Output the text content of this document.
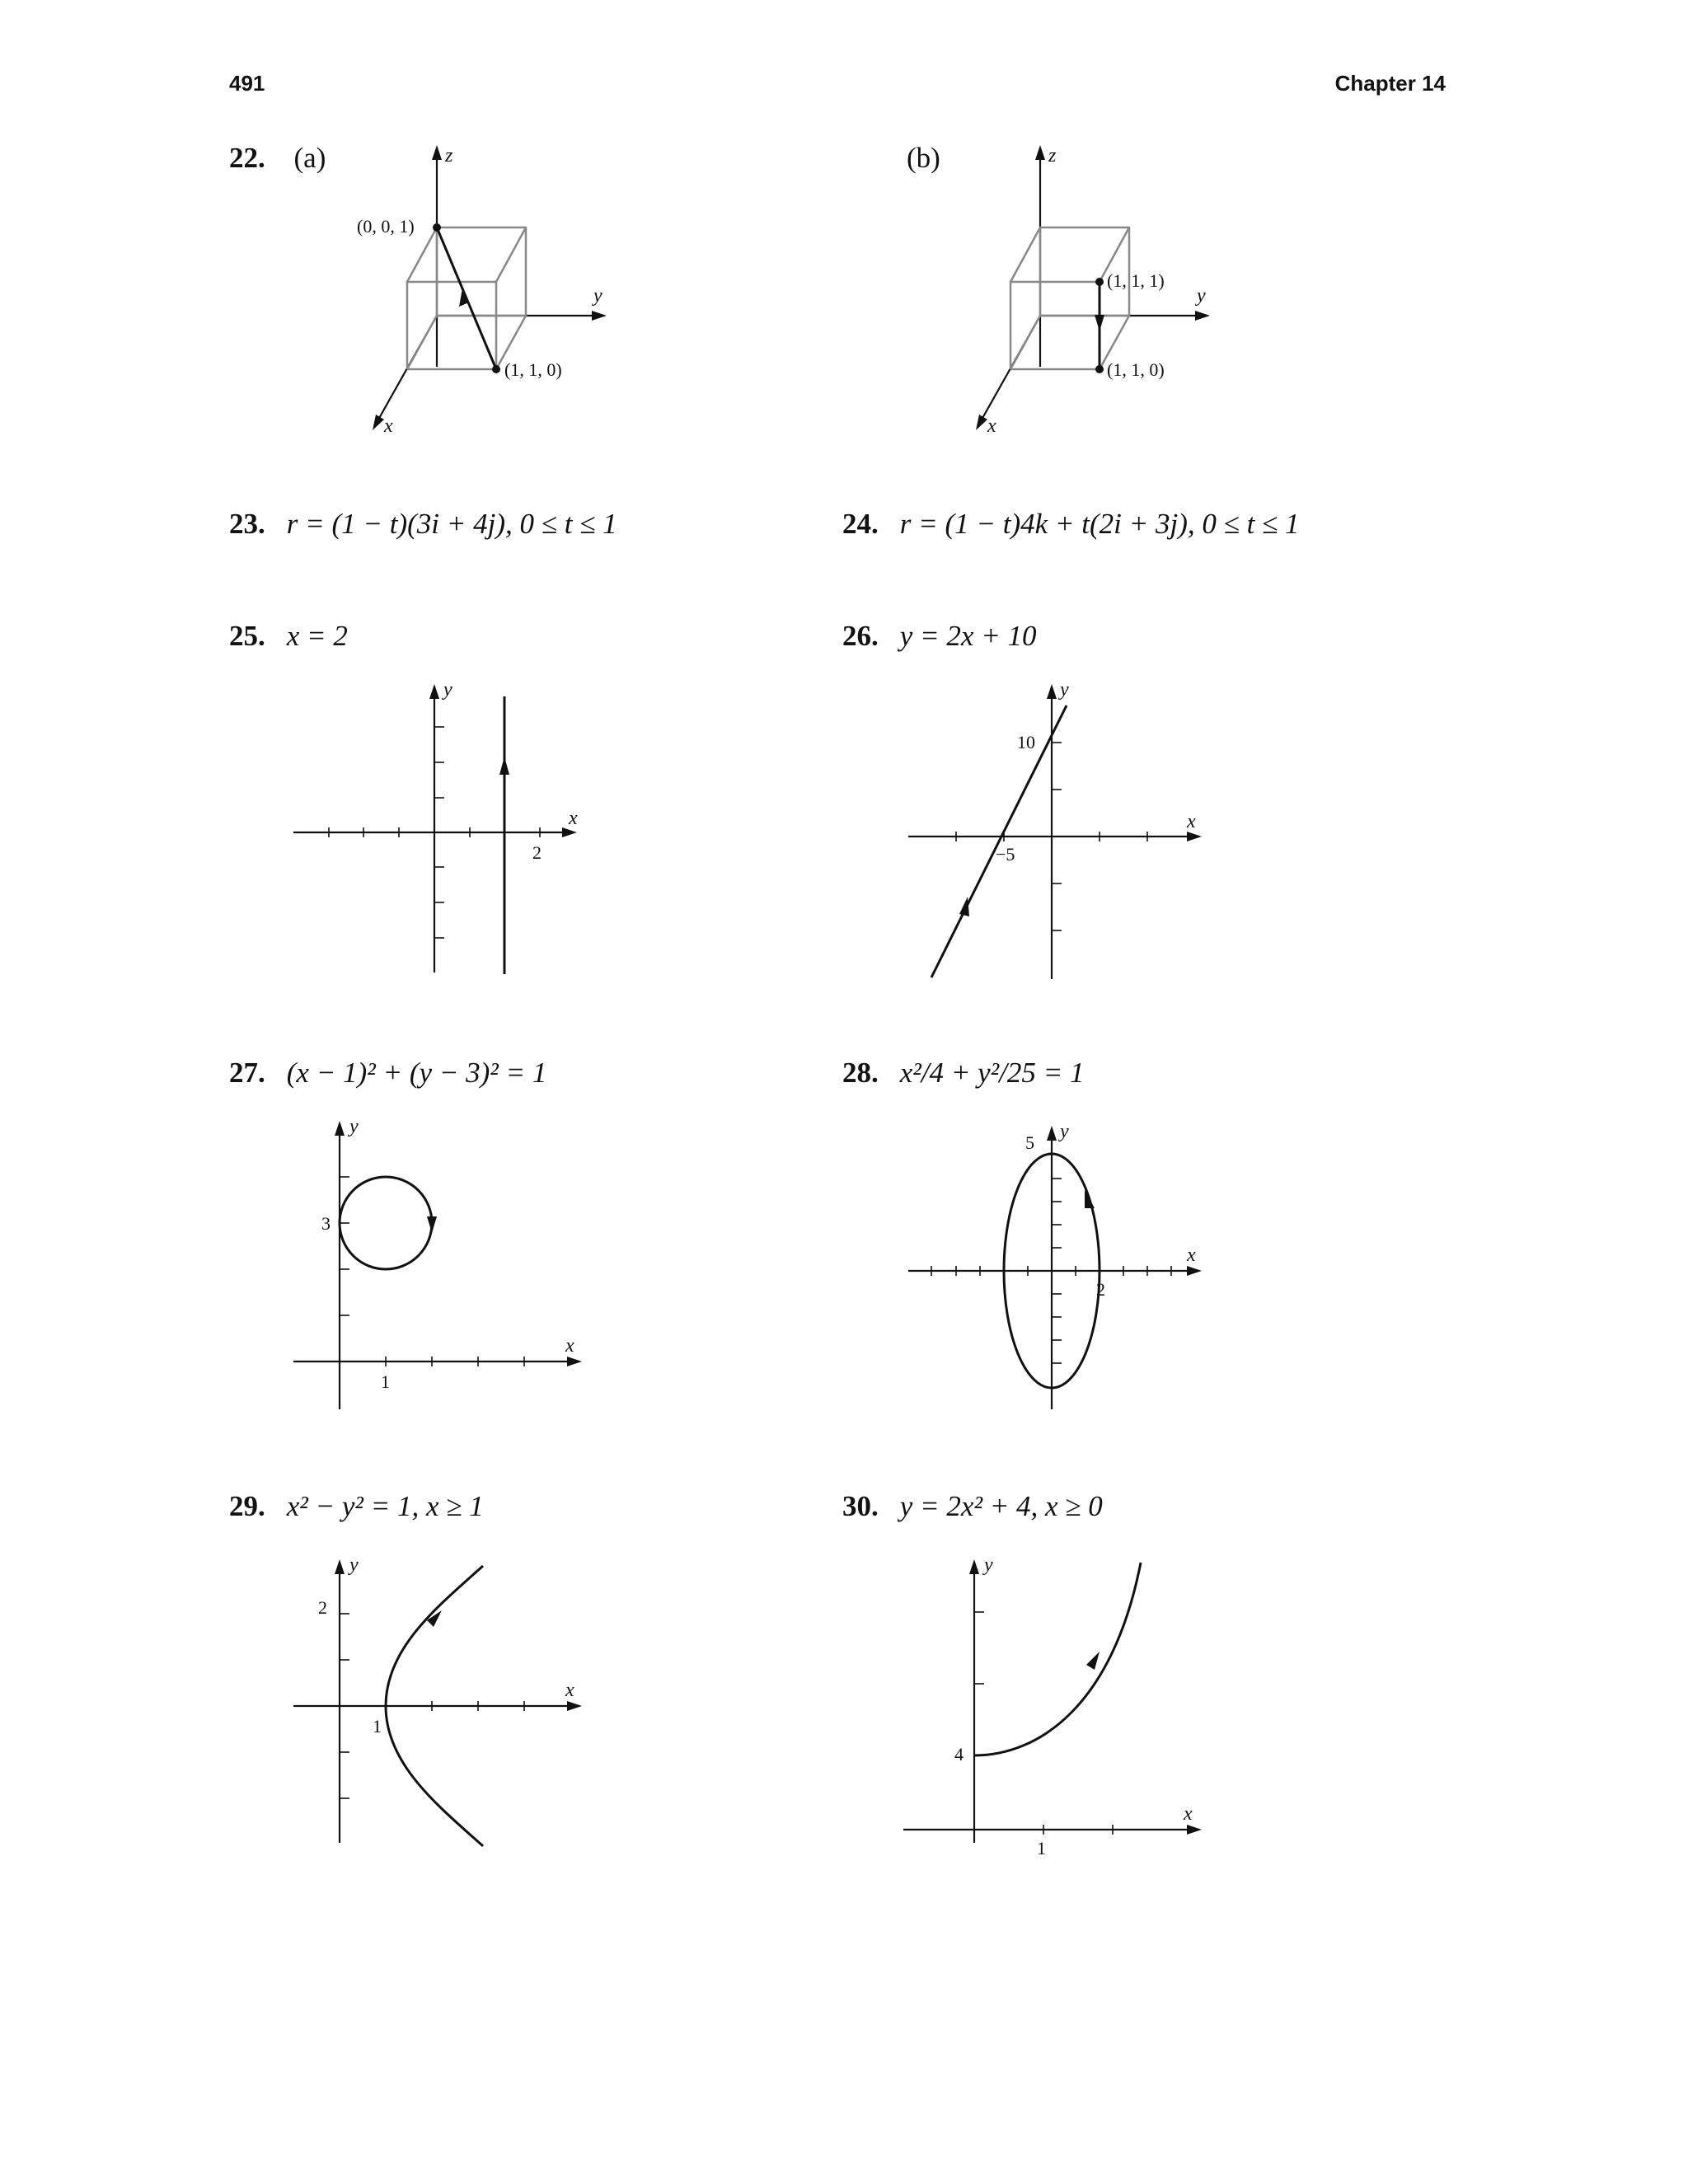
491	Chapter 14
22. (a)	(b)
(0, 0, 1)
(1, 1, 0)
z
y
x
(1, 1, 1)
(1, 1, 0)
z
y
x
23. r = (1 − t)(3i + 4j), 0 ≤ t ≤ 1	24. r = (1 − t)4k + t(2i + 3j), 0 ≤ t ≤ 1
25. x = 2	26. y = 2x + 10
2
x
y
10
−5
x
y
27. (x − 1)² + (y − 3)² = 1	28. x²/4 + y²/25 = 1
3
1
x
y
5
2
x
y
29. x² − y² = 1, x ≥ 1	30. y = 2x² + 4, x ≥ 0
2
1
x
y
4
1
x
y
